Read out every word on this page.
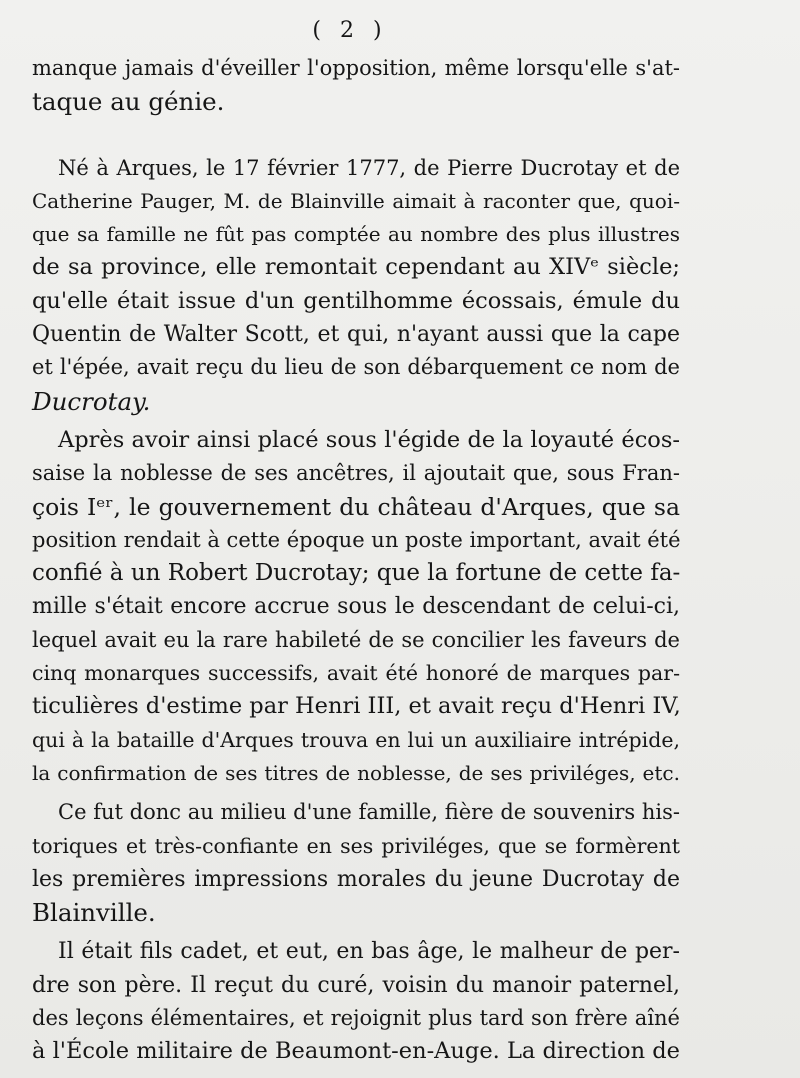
( 2 )
manque jamais d'éveiller l'opposition, même lorsqu'elle s'at-
taque au génie.
Né à Arques, le 17 février 1777, de Pierre Ducrotay et de
Catherine Pauger, M. de Blainville aimait à raconter que, quoi-
que sa famille ne fût pas comptée au nombre des plus illustres
de sa province, elle remontait cependant au XIVᵉ siècle;
qu'elle était issue d'un gentilhomme écossais, émule du
Quentin de Walter Scott, et qui, n'ayant aussi que la cape
et l'épée, avait reçu du lieu de son débarquement ce nom de
Ducrotay.
Après avoir ainsi placé sous l'égide de la loyauté écos-
saise la noblesse de ses ancêtres, il ajoutait que, sous Fran-
çois Iᵉʳ, le gouvernement du château d'Arques, que sa
position rendait à cette époque un poste important, avait été
confié à un Robert Ducrotay; que la fortune de cette fa-
mille s'était encore accrue sous le descendant de celui-ci,
lequel avait eu la rare habileté de se concilier les faveurs de
cinq monarques successifs, avait été honoré de marques par-
ticulières d'estime par Henri III, et avait reçu d'Henri IV,
qui à la bataille d'Arques trouva en lui un auxiliaire intrépide,
la confirmation de ses titres de noblesse, de ses priviléges, etc.
Ce fut donc au milieu d'une famille, fière de souvenirs his-
toriques et très-confiante en ses priviléges, que se formèrent
les premières impressions morales du jeune Ducrotay de
Blainville.
Il était fils cadet, et eut, en bas âge, le malheur de per-
dre son père. Il reçut du curé, voisin du manoir paternel,
des leçons élémentaires, et rejoignit plus tard son frère aîné
à l'École militaire de Beaumont-en-Auge. La direction de
